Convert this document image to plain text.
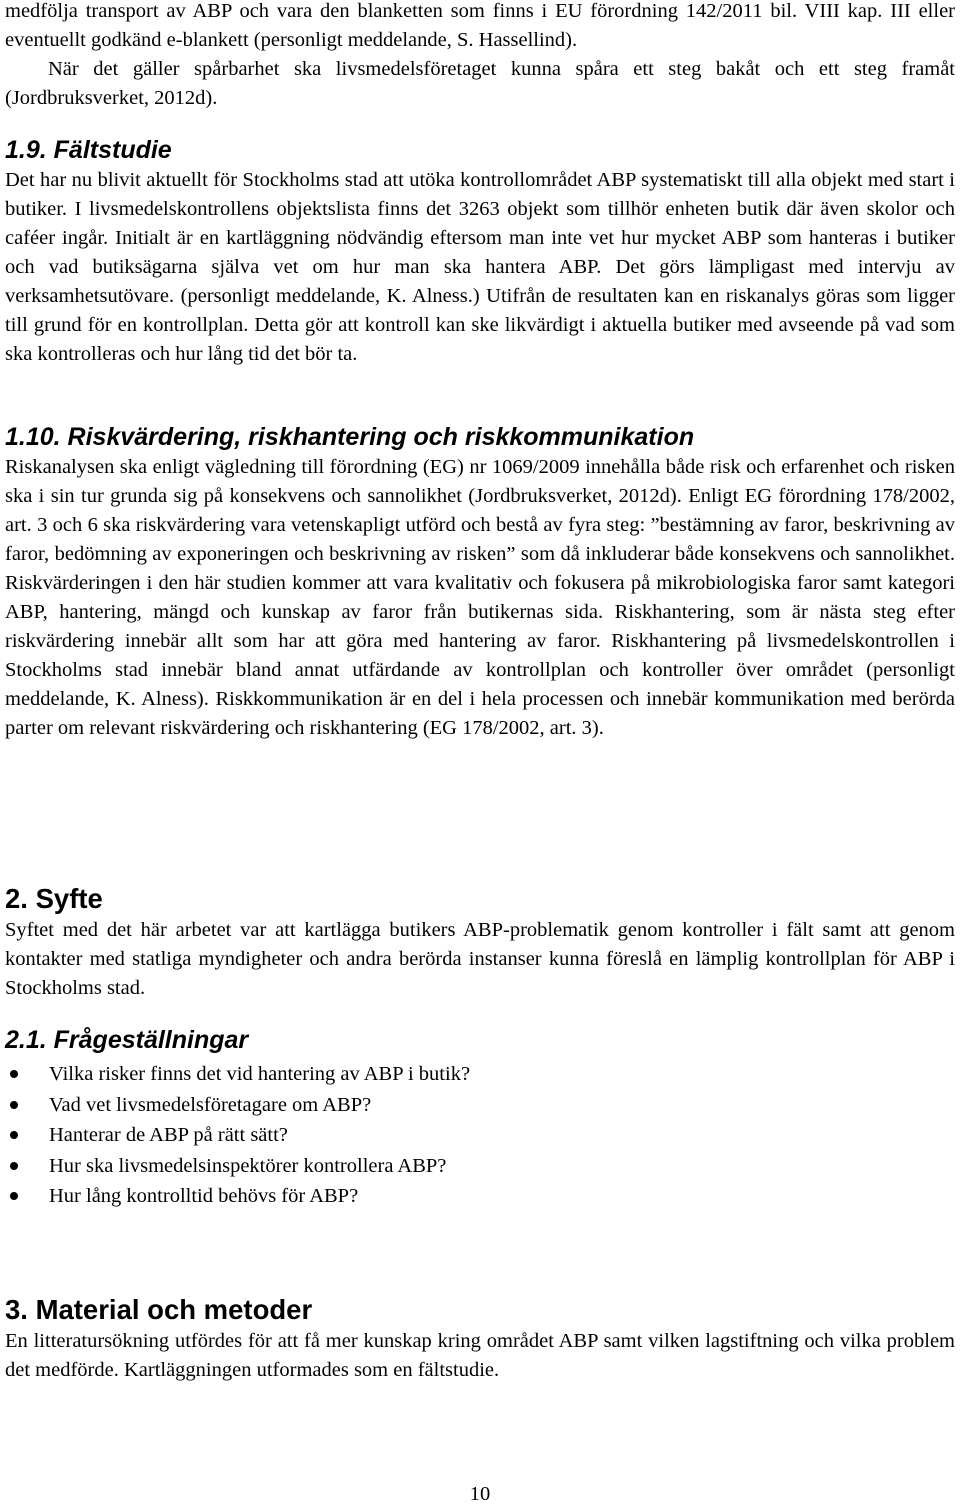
medfölja transport av ABP och vara den blanketten som finns i EU förordning 142/2011 bil. VIII kap. III eller eventuellt godkänd e-blankett (personligt meddelande, S. Hassellind).

När det gäller spårbarhet ska livsmedelsföretaget kunna spåra ett steg bakåt och ett steg framåt (Jordbruksverket, 2012d).

1.9. Fältstudie

Det har nu blivit aktuellt för Stockholms stad att utöka kontrollområdet ABP systematiskt till alla objekt med start i butiker. I livsmedelskontrollens objektslista finns det 3263 objekt som tillhör enheten butik där även skolor och caféer ingår. Initialt är en kartläggning nödvändig eftersom man inte vet hur mycket ABP som hanteras i butiker och vad butiksägarna själva vet om hur man ska hantera ABP. Det görs lämpligast med intervju av verksamhetsutövare. (personligt meddelande, K. Alness.) Utifrån de resultaten kan en riskanalys göras som ligger till grund för en kontrollplan. Detta gör att kontroll kan ske likvärdigt i aktuella butiker med avseende på vad som ska kontrolleras och hur lång tid det bör ta.

1.10. Riskvärdering, riskhantering och riskkommunikation

Riskanalysen ska enligt vägledning till förordning (EG) nr 1069/2009 innehålla både risk och erfarenhet och risken ska i sin tur grunda sig på konsekvens och sannolikhet (Jordbruksverket, 2012d). Enligt EG förordning 178/2002, art. 3 och 6 ska riskvärdering vara vetenskapligt utförd och bestå av fyra steg: ”bestämning av faror, beskrivning av faror, bedömning av exponeringen och beskrivning av risken” som då inkluderar både konsekvens och sannolikhet. Riskvärderingen i den här studien kommer att vara kvalitativ och fokusera på mikrobiologiska faror samt kategori ABP, hantering, mängd och kunskap av faror från butikernas sida. Riskhantering, som är nästa steg efter riskvärdering innebär allt som har att göra med hantering av faror. Riskhantering på livsmedelskontrollen i Stockholms stad innebär bland annat utfärdande av kontrollplan och kontroller över området (personligt meddelande, K. Alness). Riskkommunikation är en del i hela processen och innebär kommunikation med berörda parter om relevant riskvärdering och riskhantering (EG 178/2002, art. 3).

2. Syfte

Syftet med det här arbetet var att kartlägga butikers ABP-problematik genom kontroller i fält samt att genom kontakter med statliga myndigheter och andra berörda instanser kunna föreslå en lämplig kontrollplan för ABP i Stockholms stad.

2.1. Frågeställningar
Vilka risker finns det vid hantering av ABP i butik?
Vad vet livsmedelsföretagare om ABP?
Hanterar de ABP på rätt sätt?
Hur ska livsmedelsinspektörer kontrollera ABP?
Hur lång kontrolltid behövs för ABP?
3. Material och metoder

En litteratursökning utfördes för att få mer kunskap kring området ABP samt vilken lagstiftning och vilka problem det medförde. Kartläggningen utformades som en fältstudie.

10
